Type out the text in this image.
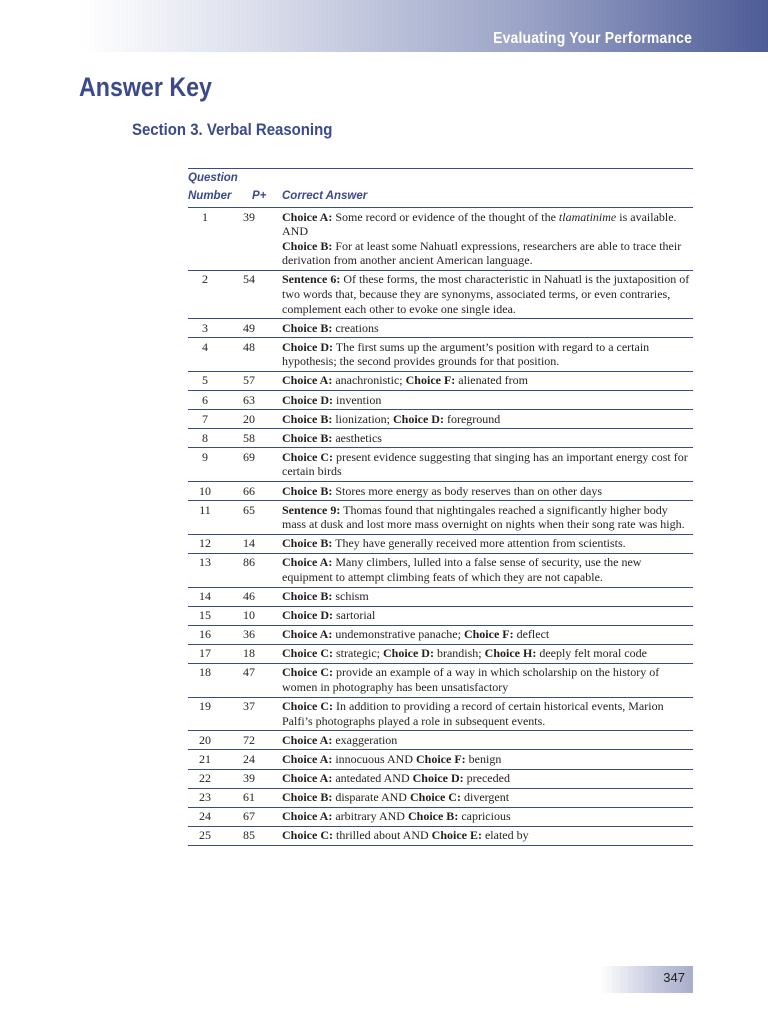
Evaluating Your Performance
Answer Key
Section 3. Verbal Reasoning
Question
Number	P+	Correct Answer
1	39	Choice A: Some record or evidence of the thought of the tlamatinime is available.
AND
Choice B: For at least some Nahuatl expressions, researchers are able to trace their derivation from another ancient American language.
2	54	Sentence 6: Of these forms, the most characteristic in Nahuatl is the juxtaposition of two words that, because they are synonyms, associated terms, or even contraries, complement each other to evoke one single idea.
3	49	Choice B: creations
4	48	Choice D: The first sums up the argument’s position with regard to a certain hypothesis; the second provides grounds for that position.
5	57	Choice A: anachronistic; Choice F: alienated from
6	63	Choice D: invention
7	20	Choice B: lionization; Choice D: foreground
8	58	Choice B: aesthetics
9	69	Choice C: present evidence suggesting that singing has an important energy cost for certain birds
10	66	Choice B: Stores more energy as body reserves than on other days
11	65	Sentence 9: Thomas found that nightingales reached a significantly higher body mass at dusk and lost more mass overnight on nights when their song rate was high.
12	14	Choice B: They have generally received more attention from scientists.
13	86	Choice A: Many climbers, lulled into a false sense of security, use the new equipment to attempt climbing feats of which they are not capable.
14	46	Choice B: schism
15	10	Choice D: sartorial
16	36	Choice A: undemonstrative panache; Choice F: deflect
17	18	Choice C: strategic; Choice D: brandish; Choice H: deeply felt moral code
18	47	Choice C: provide an example of a way in which scholarship on the history of women in photography has been unsatisfactory
19	37	Choice C: In addition to providing a record of certain historical events, Marion Palfi’s photographs played a role in subsequent events.
20	72	Choice A: exaggeration
21	24	Choice A: innocuous AND Choice F: benign
22	39	Choice A: antedated AND Choice D: preceded
23	61	Choice B: disparate AND Choice C: divergent
24	67	Choice A: arbitrary AND Choice B: capricious
25	85	Choice C: thrilled about AND Choice E: elated by
347
